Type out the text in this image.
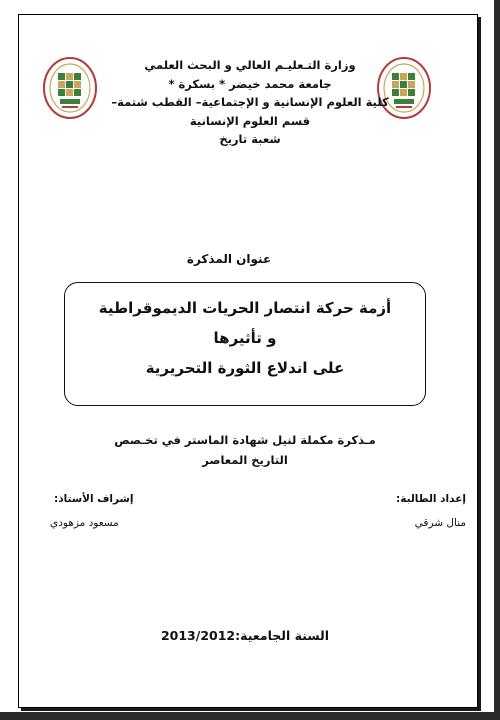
وزارة التـعليـم العالي و البحث العلمي
جامعة محمد خيضر * بسكرة *
كلية العلوم الإنسانية و الإجتماعية– القطب شتمة–
قسم العلوم الإنسانية
شعبة تاريخ
عنوان المذكرة
أزمة حركة انتصار الحريات الديموقراطية
و تأثيرها
على اندلاع الثورة التحريرية
مـذكرة مكملة لنيل شهادة الماستر في تخـصص
التاريخ المعاصر
إعداد الطالبة:
منال شرقي
إشراف الأستاذ:
مسعود مزهودي
السنة الجامعية:2013/2012
